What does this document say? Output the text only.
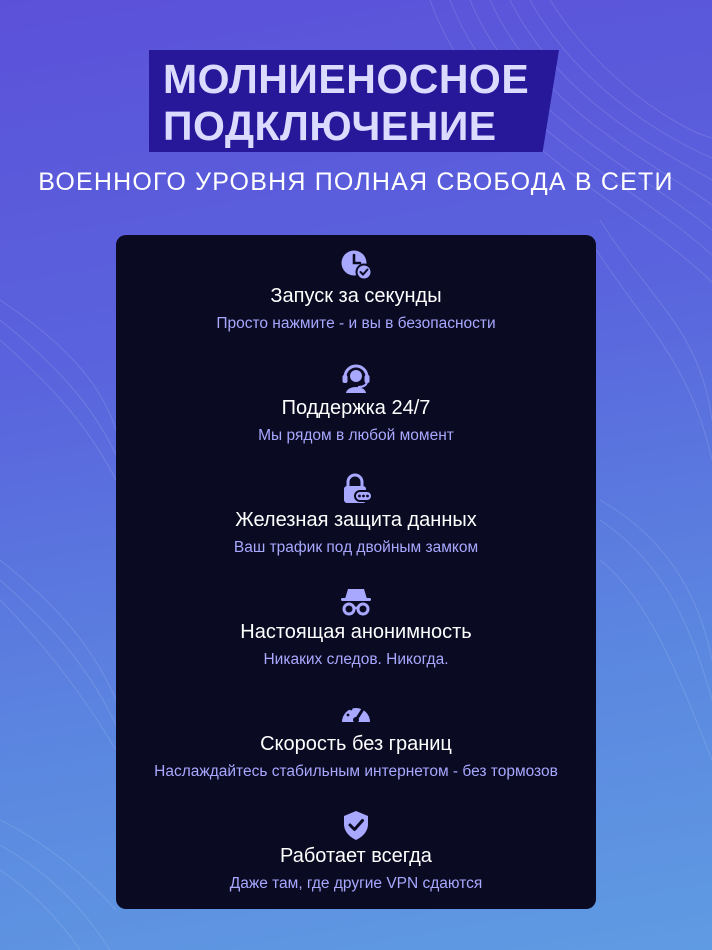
МОЛНИЕНОСНОЕ
ПОДКЛЮЧЕНИЕ
ВОЕННОГО УРОВНЯ ПОЛНАЯ СВОБОДА В СЕТИ
Запуск за секунды
Просто нажмите - и вы в безопасности
Поддержка 24/7
Мы рядом в любой момент
Железная защита данных
Ваш трафик под двойным замком
Настоящая анонимность
Никаких следов. Никогда.
Скорость без границ
Наслаждайтесь стабильным интернетом - без тормозов
Работает всегда
Даже там, где другие VPN сдаются
